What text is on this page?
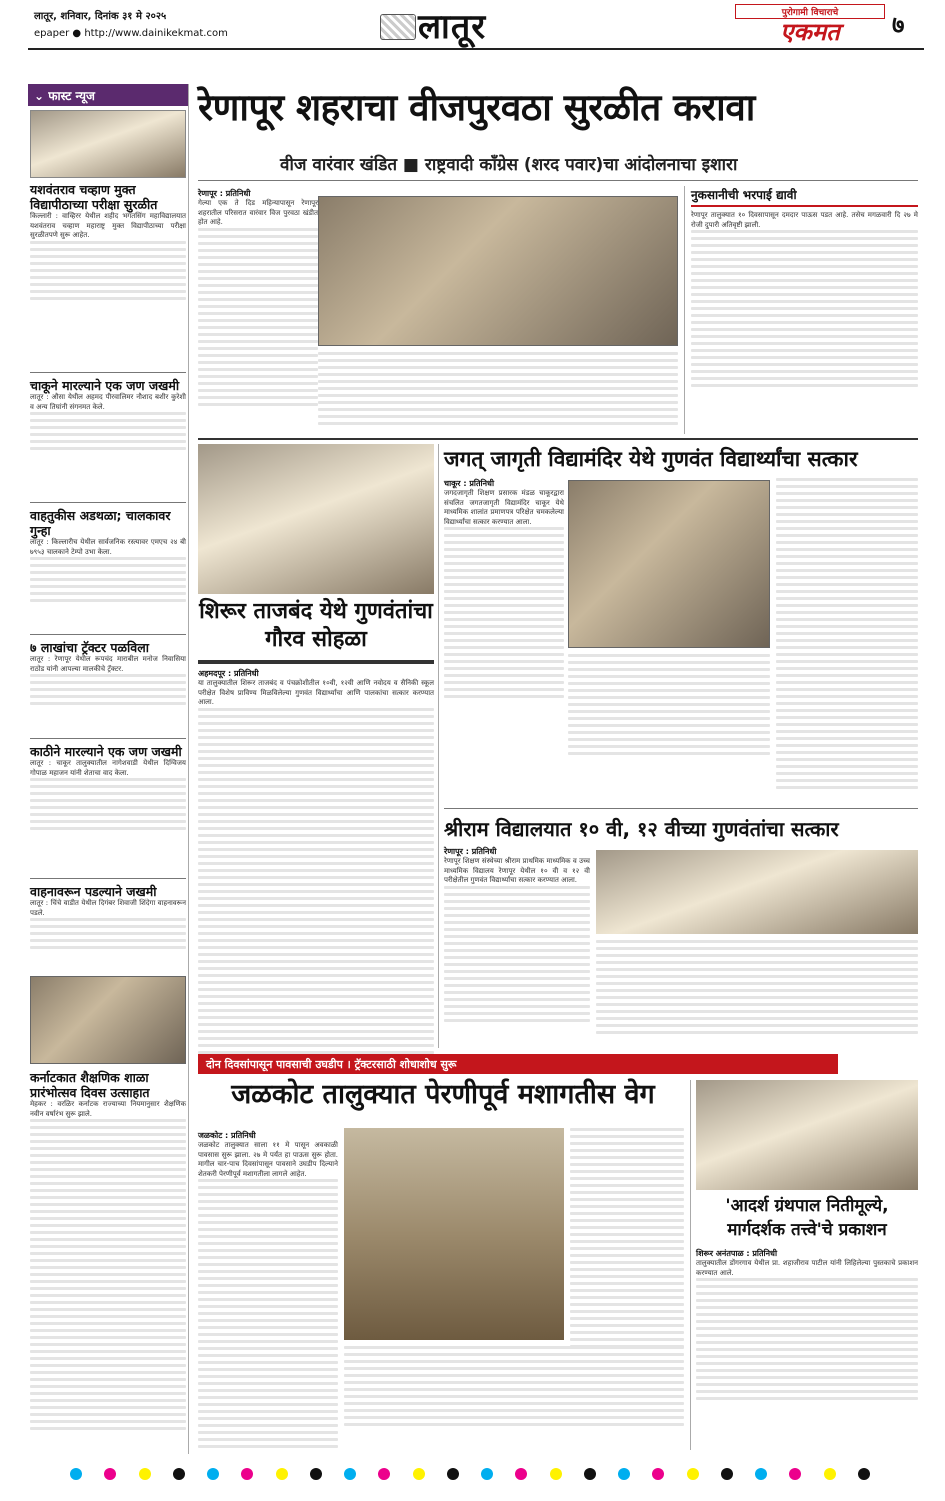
लातूर, शनिवार, दिनांक ३१ मे २०२५
epaper ● http://www.dainikekmat.com	लातूर	पुरोगामी विचाराचे
एकमत	७
⌄ फास्ट न्यूज
यशवंतराव चव्हाण मुक्त विद्यापीठाच्या परीक्षा सुरळीत
किल्लारी : वाव्हिरर येथील शहीद भगतसिंग महाविद्यालयात यशवंतराव चव्हाण महाराष्ट्र मुक्त विद्यापीठाच्या परीक्षा सुरळीतपणे सुरू आहेत.
चाकूने मारल्याने एक जण जखमी
लातूर : औसा येथील अहमद पीरवालिमर नौशाद बशीर कुरेशी व अन्य तिघांनी संगनमत केले.
वाहतुकीस अडथळा; चालकावर गुन्हा
लातूर : किल्लारीच येथील सार्वजनिक रस्त्यावर एमएच २४ बी ७९५३ चालकाने टेम्पो उभा केला.
७ लाखांचा ट्रॅक्टर पळविला
लातूर : रेणापूर येथील रूपचंद माराबील मनोज निवासिया राठोड यांनी आपल्या मालकीचे ट्रॅक्टर.
काठीने मारल्याने एक जण जखमी
लातूर : चाकूर तालुक्यातील नागेशवाडी येथील दिग्विजय गोपाळ महाजन यांनी शेताचा वाद केला.
वाहनावरून पडल्याने जखमी
लातूर : चिंचे वाडीत येथील दिगंबर शिवाजी शिंदेगा वाहनावरून पडले.
कर्नाटकात शैक्षणिक शाळा प्रारंभोत्सव दिवस उत्साहात
मेहकर : वरळिर कर्नाटक राज्याच्या नियमानुसार शैक्षणिक नवीन वर्षारंभ सुरू झाले.
रेणापूर शहराचा वीजपुरवठा सुरळीत करावा
वीज वारंवार खंडित ■ राष्ट्रवादी काँग्रेस (शरद पवार)चा आंदोलनाचा इशारा
रेणापूर : प्रतिनिधी
गेल्या एक ते दिड महिन्यापासून रेणापूर शहरातील परिसरात वारंवार विज पुरवठा खंडीत होत आहे.
नुकसानीची भरपाई द्यावी
रेणापूर तालुक्यात १० दिवसापासून दमदार पाऊस पडत आहे. तसेच मगळवारी दि २७ मे रोजी दुपारी अतिवृष्टी झाली.
शिरूर ताजबंद येथे गुणवंतांचा गौरव सोहळा
अहमदपूर : प्रतिनिधी
या तालुक्यातील शिरूर ताजबंद व पंचक्रोशीतील १०वी, १२वी आणि नवोदय व सैनिकी स्कूल परीक्षेत विशेष प्राविण्य मिळविलेल्या गुणवंत विद्यार्थ्यांचा आणि पालकांचा सत्कार करण्यात आला.
जगत् जागृती विद्यामंदिर येथे गुणवंत विद्यार्थ्यांचा सत्कार
चाकूर : प्रतिनिधी
जगदजागृती शिक्षण प्रसारक मंडळ चाकूरद्वारा संचलित जगतजागृती विद्यामंदिर चाकूर येथे माध्यमिक शालांत प्रमाणपत्र परिक्षेत चमकलेल्या विद्यार्थ्यांचा सत्कार करण्यात आला.
श्रीराम विद्यालयात १० वी, १२ वीच्या गुणवंतांचा सत्कार
रेणापूर : प्रतिनिधी
रेणापूर शिक्षण संस्थेच्या श्रीराम प्राथमिक माध्यमिक व उच्च माध्यमिक विद्यालय रेणापूर येथील १० वी व १२ वी परीक्षेतील गुणवंत विद्यार्थ्यांचा सत्कार करण्यात आला.
दोन दिवसांपासून पावसाची उघडीप । ट्रॅक्टरसाठी शोधाशोध सुरू
जळकोट तालुक्यात पेरणीपूर्व मशागतीस वेग
जळकोट : प्रतिनिधी
जळकोट तालुक्यात साला ११ मे पासून अवकाळी पावसास सुरू झाला. २७ मे पर्यंत हा पाऊस सुरू होता. मागील चार-पाच दिवसांपासून पावसाने उघडीप दिल्याने शेतकरी पेरणीपूर्व मशागतीला लागले आहेत.
'आदर्श ग्रंथपाल नितीमूल्ये, मार्गदर्शक तत्त्वे'चे प्रकाशन
शिरूर अनंतपाळ : प्रतिनिधी
तालुक्यातील डोंगरगाव येथील प्रा. शहाजीराव पाटील यांनी लिहिलेल्या पुस्तकाचे प्रकाशन करण्यात आले.
